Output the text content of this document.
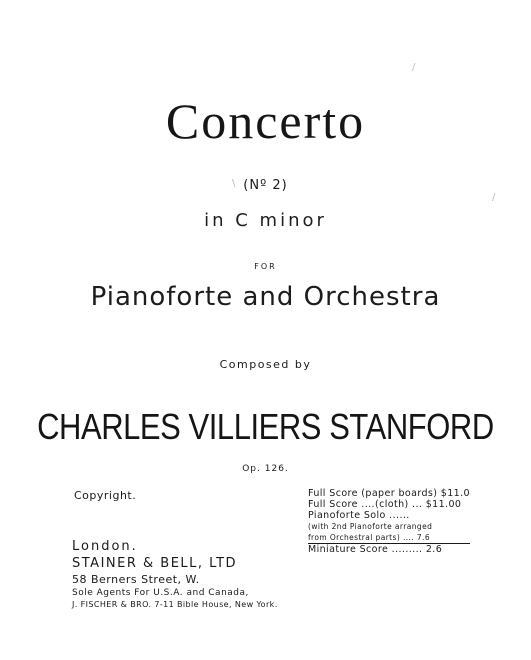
Concerto
(Nº 2)
in C minor
FOR
Pianoforte and Orchestra
Composed by
CHARLES VILLIERS STANFORD
Op. 126.
Copyright.	Full Score (paper boards) $11.0
Full Score ....(cloth) ... $11.00
Pianoforte Solo ......
(with 2nd Pianoforte arranged
from Orchestral parts) .... 7.6
Miniature Score ......... 2.6
London.
STAINER & BELL, LTD
58 Berners Street, W.
Sole Agents For U.S.A. and Canada,
J. FISCHER & BRO. 7-11 Bible House, New York.
/
/
\
